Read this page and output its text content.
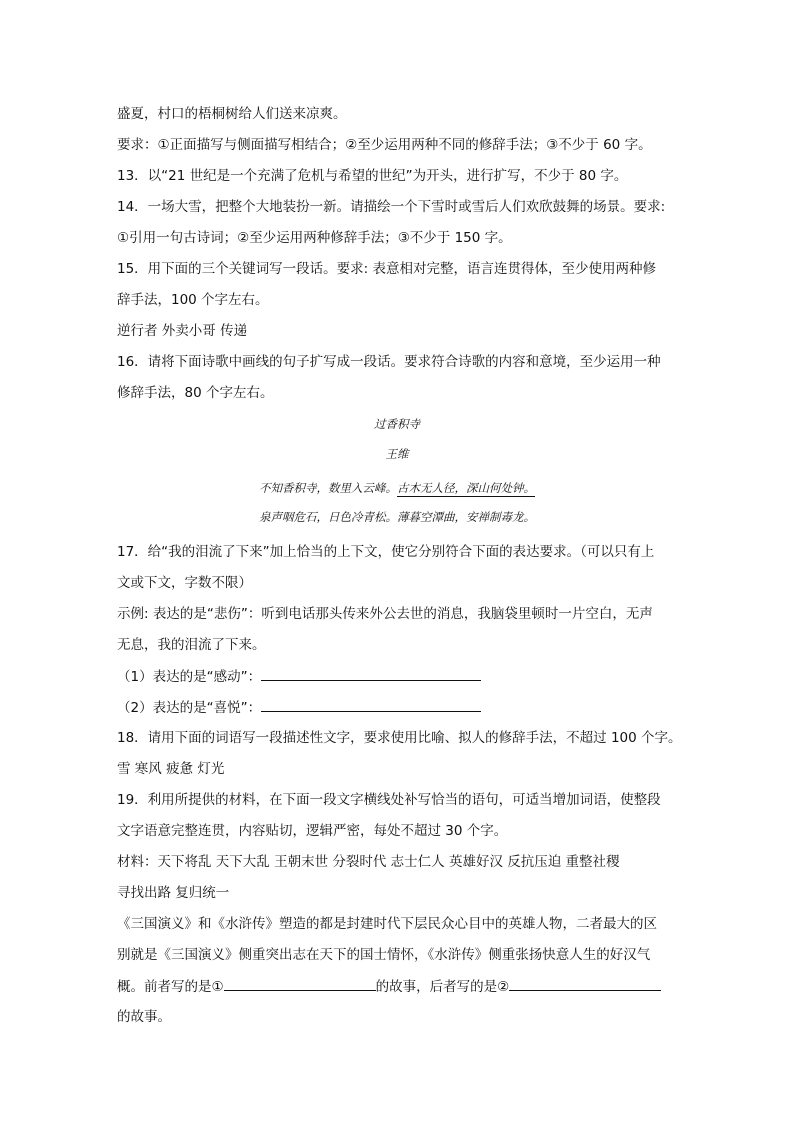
盛夏，村口的梧桐树给人们送来凉爽。
要求：①正面描写与侧面描写相结合；②至少运用两种不同的修辞手法；③不少于 60 字。
13．以“21 世纪是一个充满了危机与希望的世纪”为开头，进行扩写，不少于 80 字。
14．一场大雪，把整个大地装扮一新。请描绘一个下雪时或雪后人们欢欣鼓舞的场景。要求:
①引用一句古诗词；②至少运用两种修辞手法；③不少于 150 字。
15．用下面的三个关键词写一段话。要求: 表意相对完整，语言连贯得体，至少使用两种修
辞手法，100 个字左右。
逆行者 外卖小哥 传递
16．请将下面诗歌中画线的句子扩写成一段话。要求符合诗歌的内容和意境，至少运用一种
修辞手法，80 个字左右。
过香积寺
王维
不知香积寺，数里入云峰。古木无人径，深山何处钟。
泉声咽危石，日色冷青松。薄暮空潭曲，安禅制毒龙。
17．给“我的泪流了下来”加上恰当的上下文，使它分别符合下面的表达要求。（可以只有上
文或下文，字数不限）
示例: 表达的是“悲伤”：听到电话那头传来外公去世的消息，我脑袋里顿时一片空白，无声
无息，我的泪流了下来。
（1）表达的是“感动”：
（2）表达的是“喜悦”：
18．请用下面的词语写一段描述性文字，要求使用比喻、拟人的修辞手法，不超过 100 个字。
雪 寒风 疲惫 灯光
19．利用所提供的材料，在下面一段文字横线处补写恰当的语句，可适当增加词语，使整段
文字语意完整连贯，内容贴切，逻辑严密，每处不超过 30 个字。
材料：天下将乱 天下大乱 王朝末世 分裂时代 志士仁人 英雄好汉 反抗压迫 重整社稷
寻找出路 复归统一
《三国演义》和《水浒传》塑造的都是封建时代下层民众心目中的英雄人物，二者最大的区
别就是《三国演义》侧重突出志在天下的国士情怀，《水浒传》侧重张扬快意人生的好汉气
概。前者写的是①	的故事，后者写的是②
的故事。
